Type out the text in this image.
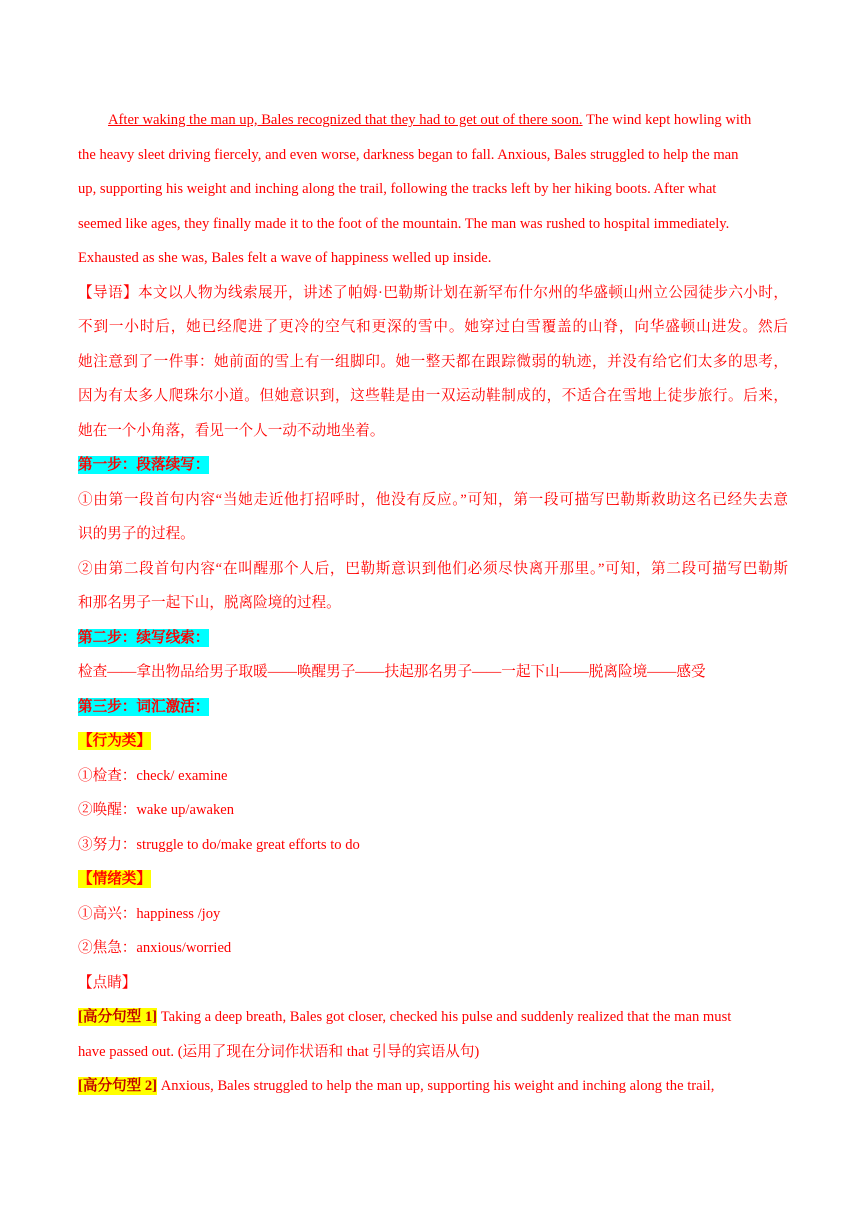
After waking the man up, Bales recognized that they had to get out of there soon. The wind kept howling with
the heavy sleet driving fiercely, and even worse, darkness began to fall. Anxious, Bales struggled to help the man
up, supporting his weight and inching along the trail, following the tracks left by her hiking boots. After what
seemed like ages, they finally made it to the foot of the mountain. The man was rushed to hospital immediately.
Exhausted as she was, Bales felt a wave of happiness welled up inside.
【导语】本文以人物为线索展开，讲述了帕姆·巴勒斯计划在新罕布什尔州的华盛顿山州立公园徒步六小时，
不到一小时后，她已经爬进了更冷的空气和更深的雪中。她穿过白雪覆盖的山脊，向华盛顿山进发。然后
她注意到了一件事：她前面的雪上有一组脚印。她一整天都在跟踪微弱的轨迹，并没有给它们太多的思考，
因为有太多人爬珠尔小道。但她意识到，这些鞋是由一双运动鞋制成的，不适合在雪地上徒步旅行。后来，
她在一个小角落，看见一个人一动不动地坐着。
第一步：段落续写：
①由第一段首句内容“当她走近他打招呼时，他没有反应。”可知，第一段可描写巴勒斯救助这名已经失去意
识的男子的过程。
②由第二段首句内容“在叫醒那个人后，巴勒斯意识到他们必须尽快离开那里。”可知，第二段可描写巴勒斯
和那名男子一起下山，脱离险境的过程。
第二步：续写线索：
检查——拿出物品给男子取暖——唤醒男子——扶起那名男子——一起下山——脱离险境——感受
第三步：词汇激活：
【行为类】
①检查：check/ examine
②唤醒：wake up/awaken
③努力：struggle to do/make great efforts to do
【情绪类】
①高兴：happiness /joy
②焦急：anxious/worried
【点睛】
[高分句型 1] Taking a deep breath, Bales got closer, checked his pulse and suddenly realized that the man must
have passed out. (运用了现在分词作状语和 that 引导的宾语从句)
[高分句型 2] Anxious, Bales struggled to help the man up, supporting his weight and inching along the trail,
